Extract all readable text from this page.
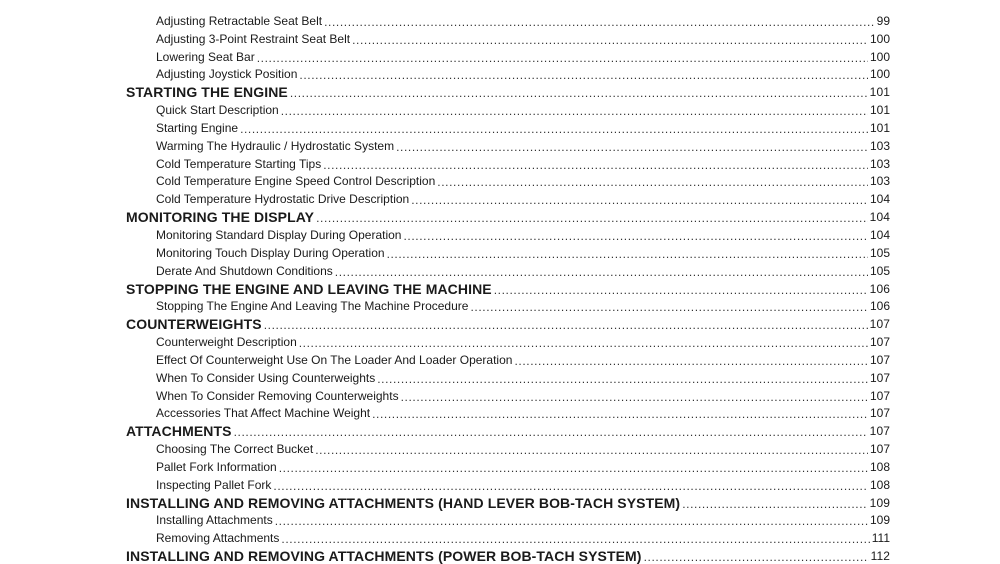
Adjusting Retractable Seat Belt .....	99
Adjusting 3-Point Restraint Seat Belt .....	100
Lowering Seat Bar .....	100
Adjusting Joystick Position .....	100
STARTING THE ENGINE .....	101
Quick Start Description .....	101
Starting Engine .....	101
Warming The Hydraulic / Hydrostatic System .....	103
Cold Temperature Starting Tips .....	103
Cold Temperature Engine Speed Control Description .....	103
Cold Temperature Hydrostatic Drive Description .....	104
MONITORING THE DISPLAY .....	104
Monitoring Standard Display During Operation .....	104
Monitoring Touch Display During Operation .....	105
Derate And Shutdown Conditions .....	105
STOPPING THE ENGINE AND LEAVING THE MACHINE .....	106
Stopping The Engine And Leaving The Machine Procedure .....	106
COUNTERWEIGHTS .....	107
Counterweight Description .....	107
Effect Of Counterweight Use On The Loader And Loader Operation .....	107
When To Consider Using Counterweights .....	107
When To Consider Removing Counterweights .....	107
Accessories That Affect Machine Weight .....	107
ATTACHMENTS .....	107
Choosing The Correct Bucket .....	107
Pallet Fork Information .....	108
Inspecting Pallet Fork .....	108
INSTALLING AND REMOVING ATTACHMENTS (HAND LEVER BOB-TACH SYSTEM) .....	109
Installing Attachments .....	109
Removing Attachments .....	111
INSTALLING AND REMOVING ATTACHMENTS (POWER BOB-TACH SYSTEM) .....	112
